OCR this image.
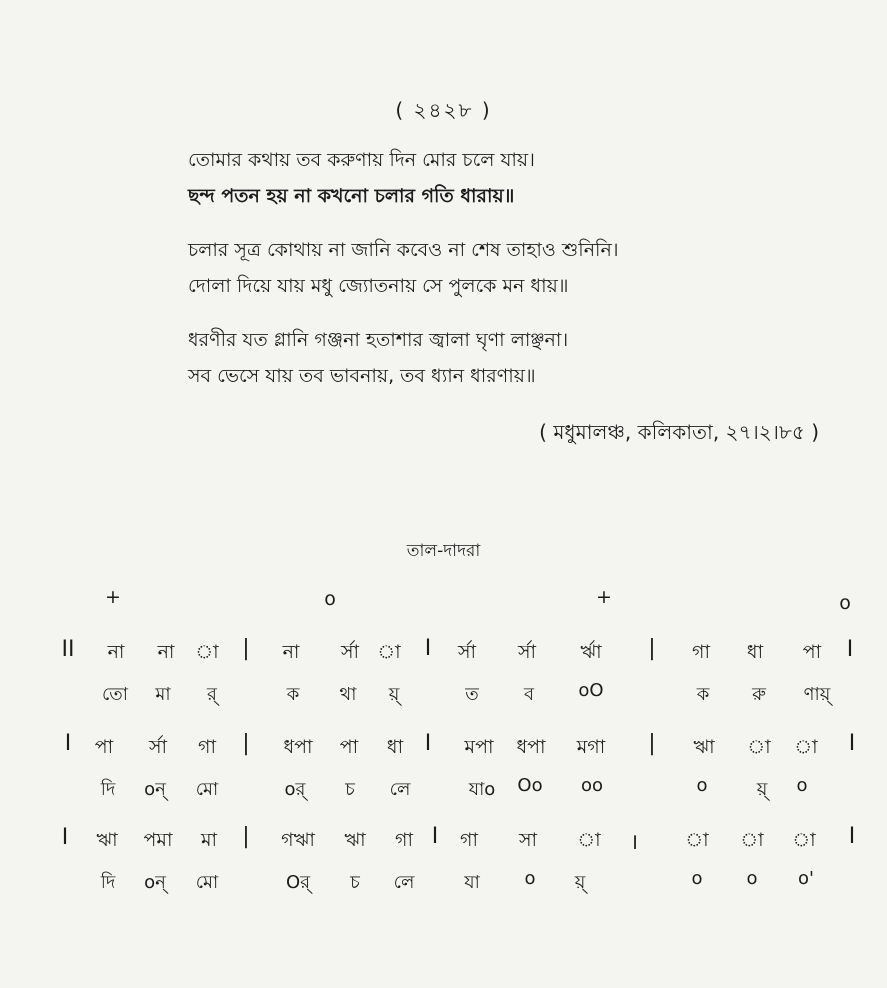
( ২৪২৮ )
তোমার কথায় তব করুণায় দিন মোর চলে যায়।
ছন্দ পতন হয় না কখনো চলার গতি ধারায়॥
চলার সূত্র কোথায় না জানি কবেও না শেষ তাহাও শুনিনি।
দোলা দিয়ে যায় মধু জ্যোতনায় সে পুলকে মন ধায়॥
ধরণীর যত গ্লানি গঞ্জনা হতাশার জ্বালা ঘৃণা লাঞ্ছনা।
সব ভেসে যায় তব ভাবনায়, তব ধ্যান ধারণায়॥
( মধুমালঞ্চ, কলিকাতা, ২৭।২।৮৫ )
তাল-দাদরা
+	o	+	o
II না না া | না র্সা া I র্সা র্সা র্ঋা | গা ধা পা I
তো মা র্	ক থা য়্	ত	ব oO	ক রু ণায়্
I পা র্সা গা | ধপা পা ধা I মপা ধপা মগা | ঋা া া I
দি oন্ মো	oর্ চ লে	যাo Oo oo	o	য়্ o
I ঋা পমা মা | গঋা ঋা গা I গা সা া । া া া I
দি oন্ মো	Oর্ চ লে	যা o য়্	o o o'
